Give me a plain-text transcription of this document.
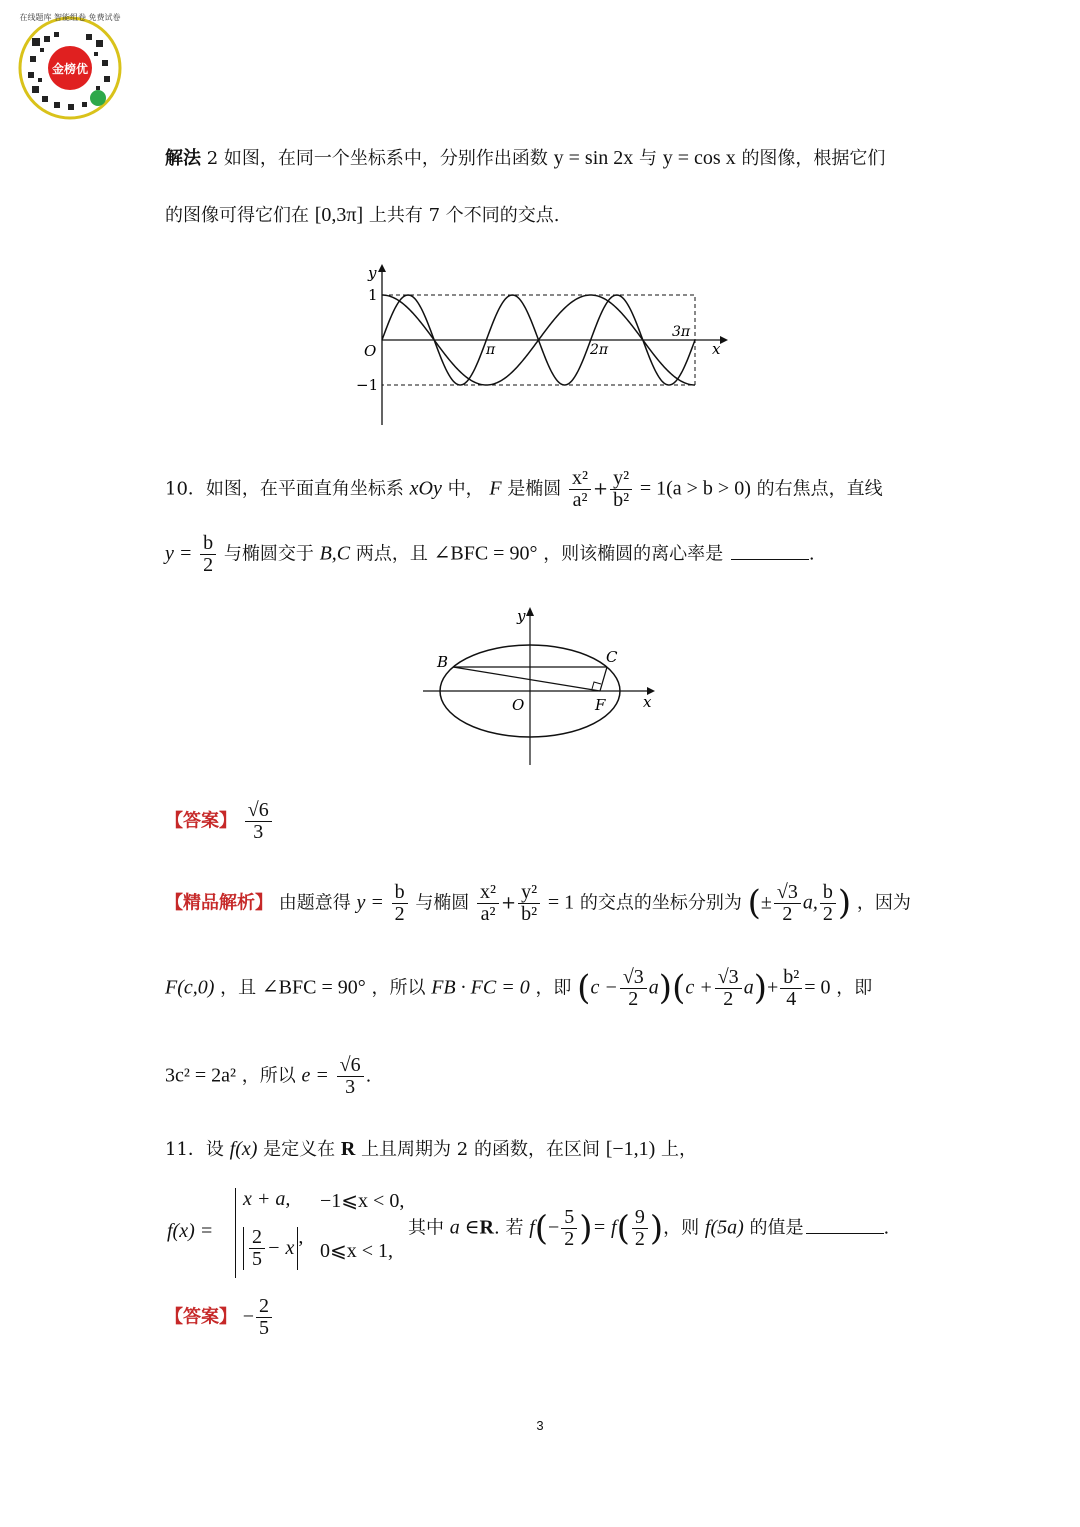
金榜优
在线题库 智能组卷 免费试卷
解法 2 如图，在同一个坐标系中，分别作出函数 y = sin 2x 与 y = cos x 的图像，根据它们
的图像可得它们在 [0,3π] 上共有 7 个不同的交点.
y
x
O
1
−1
π	2π
3π
10．如图，在平面直角坐标系 xOy 中， F 是椭圆 $\frac{\text{x²}}{\text{a²}} + \frac{\text{y²}}{\text{b²}} = 1(a > b > 0)$ 的右焦点，直线
$y = \frac{b}{2}$ 与椭圆交于 B,C 两点，且 ∠BFC = 90° ，则该椭圆的离心率是	.
y
x
B	C
O	F
【答案】 $\frac{√6}{3}$
【精品解析】 由题意得 $y = \frac{b}{2}$ 与椭圆 $\frac{\text{x²}}{\text{a²}} + \frac{\text{y²}}{\text{b²}} = 1$ 的交点的坐标分别为 (± $\frac{√3}{2} a$, $\frac{b}{2}$ ) ，因为
F(c,0) ，且 ∠BFC = 90° ，所以 FB · FC = 0 ，即 $(c - \frac{√3}{2} a)(c + \frac{√3}{2} a)+ \frac{\text{b²}}{4} = 0$ ，即
3c² = 2a² ，所以 $e = \frac{√6}{3}$ .
11．设 f(x) 是定义在 R 上且周期为 2 的函数，在区间 [−1,1) 上，
f(x) =
x + a, −1⩽x < 0,
$\frac{2}{5} - x$ ,
0⩽x < 1,
其中 a ∈R. 若 $f(- \frac{5}{2}$ )= $f( \frac{9}{2}$ )，则 f(5a) 的值是	.
【答案】 − $\frac{2}{5}$
3
